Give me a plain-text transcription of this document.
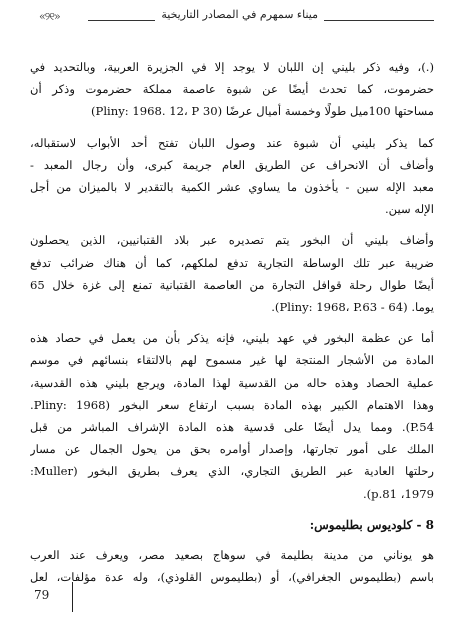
«୨୧»	ميناء سمهرم في المصادر التاريخية

(.)، وفيه ذكر بليني إن اللبان لا يوجد إلا في الجزيرة العربية، وبالتحديد في
حضرموت، كما تحدث أيضًا عن شبوة عاصمة مملكة حضرموت وذكر أن
مساحتها 100ميل طولًا وخمسة أميال عرضًا (Pliny: 1968. 12، P 30)

كما يذكر بليني أن شبوة عند وصول اللبان تفتح أحد الأبواب لاستقباله،
وأضاف أن الانحراف عن الطريق العام جريمة كبرى، وأن رجال المعبد -
معبد الإله سين - يأخذون ما يساوي عشر الكمية بالتقدير لا بالميزان من أجل
الإله سين.

وأضاف بليني أن البخور يتم تصديره عبر بلاد القتبانيين، الذين يحصلون
ضريبة عبر تلك الوساطة التجارية تدفع لملكهم، كما أن هناك ضرائب تدفع
أيضًا طوال رحلة قوافل التجارة من العاصمة القتبانية تمنع إلى غزة خلال 65
يوما. (Pliny: 1968، P.63 - 64).

أما عن عظمة البخور في عهد بليني، فإنه يذكر بأن من يعمل في حصاد هذه
المادة من الأشجار المنتجة لها غير مسموح لهم بالالتقاء بنسائهم في موسم
عملية الحصاد وهذه حاله من القدسية لهذا المادة، ويرجع بليني هذه القدسية،
وهذا الاهتمام الكبير بهذه المادة بسبب ارتفاع سعر البخور (Pliny: 1968.
P.54). ومما يدل أيضًا على قدسية هذه المادة الإشراف المباشر من قبل
الملك على أمور تجارتها، وإصدار أوامره بحق من يحول الجمال عن مسار
رحلتها العادية عبر الطريق التجاري، الذي يعرف بطريق البخور (Muller:
1979، p.81).

8 - كلوديوس بطليموس:

هو يوناني من مدينة بطليمة في سوهاج بصعيد مصر، ويعرف عند العرب
باسم (بطليموس الجغرافي)، أو (بطليموس القلوذي)، وله عدة مؤلفات، لعل

79
